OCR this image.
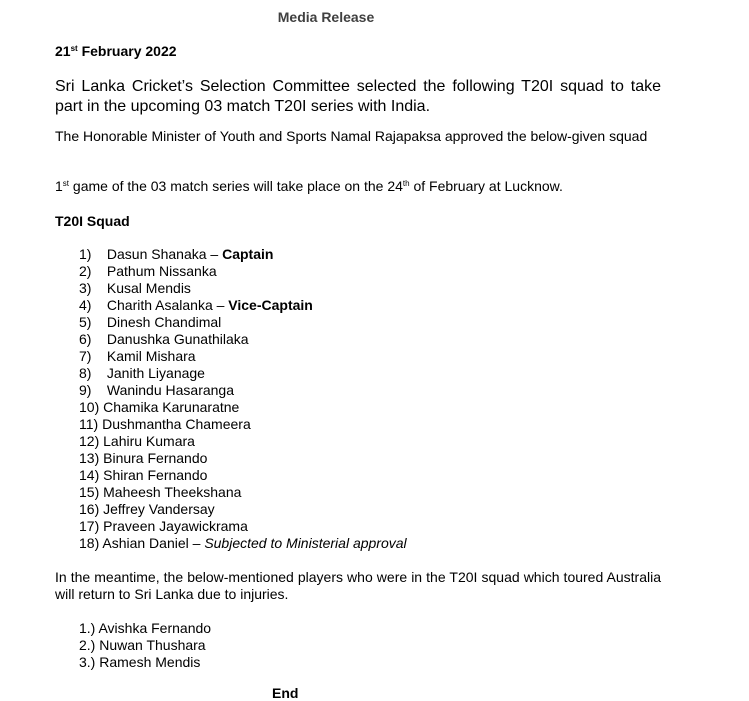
Media Release
21st February 2022
Sri Lanka Cricket’s Selection Committee selected the following T20I squad to take part in the upcoming 03 match T20I series with India.
The Honorable Minister of Youth and Sports Namal Rajapaksa approved the below-given squad
1st game of the 03 match series will take place on the 24th of February at Lucknow.
T20I Squad
1) Dasun Shanaka – Captain
2) Pathum Nissanka
3) Kusal Mendis
4) Charith Asalanka – Vice-Captain
5) Dinesh Chandimal
6) Danushka Gunathilaka
7) Kamil Mishara
8) Janith Liyanage
9) Wanindu Hasaranga
10) Chamika Karunaratne
11) Dushmantha Chameera
12) Lahiru Kumara
13) Binura Fernando
14) Shiran Fernando
15) Maheesh Theekshana
16) Jeffrey Vandersay
17) Praveen Jayawickrama
18) Ashian Daniel – Subjected to Ministerial approval
In the meantime, the below-mentioned players who were in the T20I squad which toured Australia will return to Sri Lanka due to injuries.
1.) Avishka Fernando
2.) Nuwan Thushara
3.) Ramesh Mendis
End
